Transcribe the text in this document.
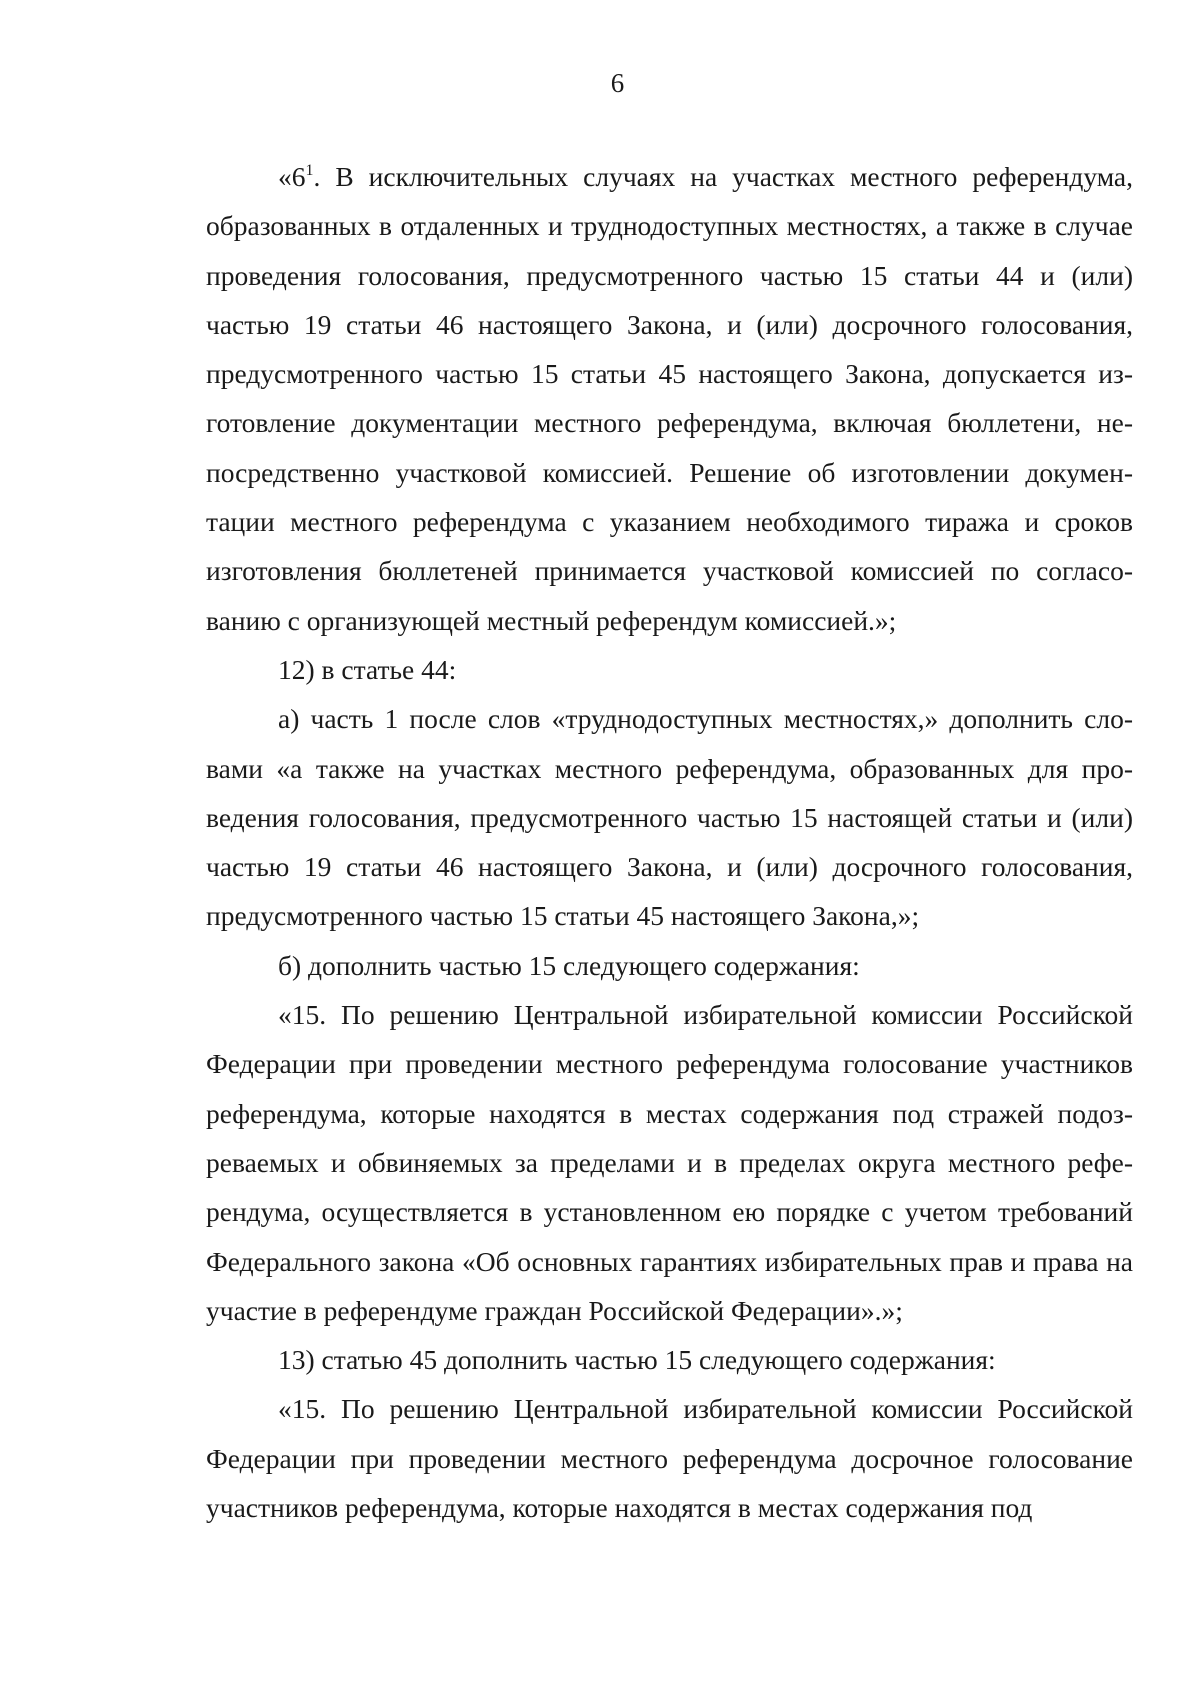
6

«$6^1$. В исключительных случаях на участках местного референдума, образованных в отдаленных и труднодоступных местностях, а также в случае проведения голосования, предусмотренного частью 15 статьи 44 и (или) частью 19 статьи 46 настоящего Закона, и (или) досрочного голосования, предусмотренного частью 15 статьи 45 настоящего Закона, допускается изготовление документации местного референдума, включая бюллетени, непосредственно участковой комиссией. Решение об изготовлении документации местного референдума с указанием необходимого тиража и сроков изготовления бюллетеней принимается участковой комиссией по согласованию с организующей местный референдум комиссией.»;

12) в статье 44:

а) часть 1 после слов «труднодоступных местностях,» дополнить словами «а также на участках местного референдума, образованных для проведения голосования, предусмотренного частью 15 настоящей статьи и (или) частью 19 статьи 46 настоящего Закона, и (или) досрочного голосования, предусмотренного частью 15 статьи 45 настоящего Закона,»;

б) дополнить частью 15 следующего содержания:

«15. По решению Центральной избирательной комиссии Российской Федерации при проведении местного референдума голосование участников референдума, которые находятся в местах содержания под стражей подозреваемых и обвиняемых за пределами и в пределах округа местного референдума, осуществляется в установленном ею порядке с учетом требований Федерального закона «Об основных гарантиях избирательных прав и права на участие в референдуме граждан Российской Федерации».»;

13) статью 45 дополнить частью 15 следующего содержания:

«15. По решению Центральной избирательной комиссии Российской Федерации при проведении местного референдума досрочное голосование участников референдума, которые находятся в местах содержания под
